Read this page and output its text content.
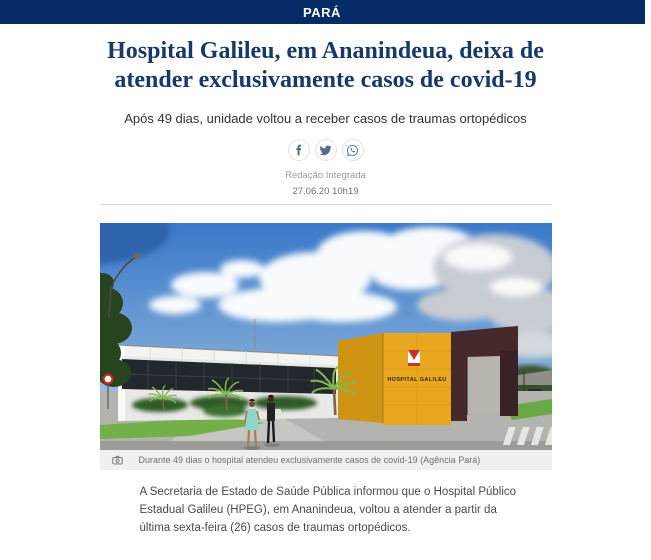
PARÁ
Hospital Galileu, em Ananindeua, deixa de atender exclusivamente casos de covid-19

Após 49 dias, unidade voltou a receber casos de traumas ortopédicos

Redação Integrada

27.06.20 10h19

HOSPITAL GALILEU
Durante 49 dias o hospital atendeu exclusivamente casos de covid-19 (Agência Pará)

A Secretaria de Estado de Saúde Pública informou que o Hospital Público Estadual Galileu (HPEG), em Ananindeua, voltou a atender a partir da última sexta-feira (26) casos de traumas ortopédicos.
